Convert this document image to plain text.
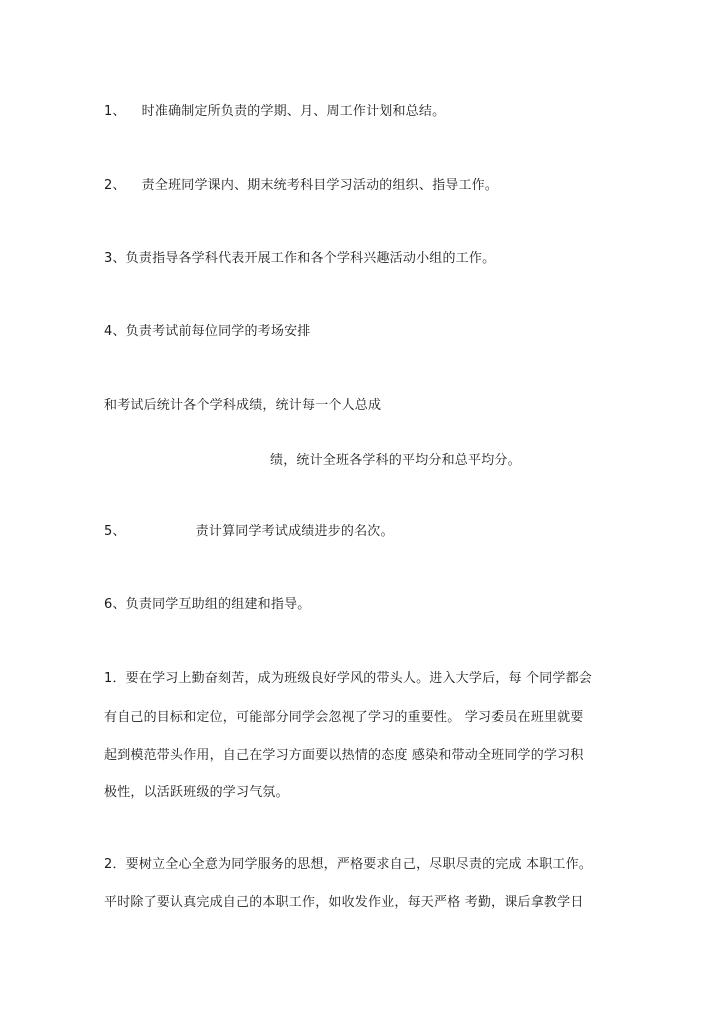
1、 时准确制定所负责的学期、月、周工作计划和总结。
2、 责全班同学课内、期末统考科目学习活动的组织、指导工作。
3、负责指导各学科代表开展工作和各个学科兴趣活动小组的工作。
4、负责考试前每位同学的考场安排
和考试后统计各个学科成绩，统计每一个人总成
绩，统计全班各学科的平均分和总平均分。
5、	责计算同学考试成绩进步的名次。
6、负责同学互助组的组建和指导。
1．要在学习上勤奋刻苦，成为班级良好学风的带头人。进入大学后，每 个同学都会
有自己的目标和定位，可能部分同学会忽视了学习的重要性。 学习委员在班里就要
起到模范带头作用，自己在学习方面要以热情的态度 感染和带动全班同学的学习积
极性，以活跃班级的学习气氛。
2．要树立全心全意为同学服务的思想，严格要求自己，尽职尽责的完成 本职工作。
平时除了要认真完成自己的本职工作，如收发作业，每天严格 考勤，课后拿教学日
